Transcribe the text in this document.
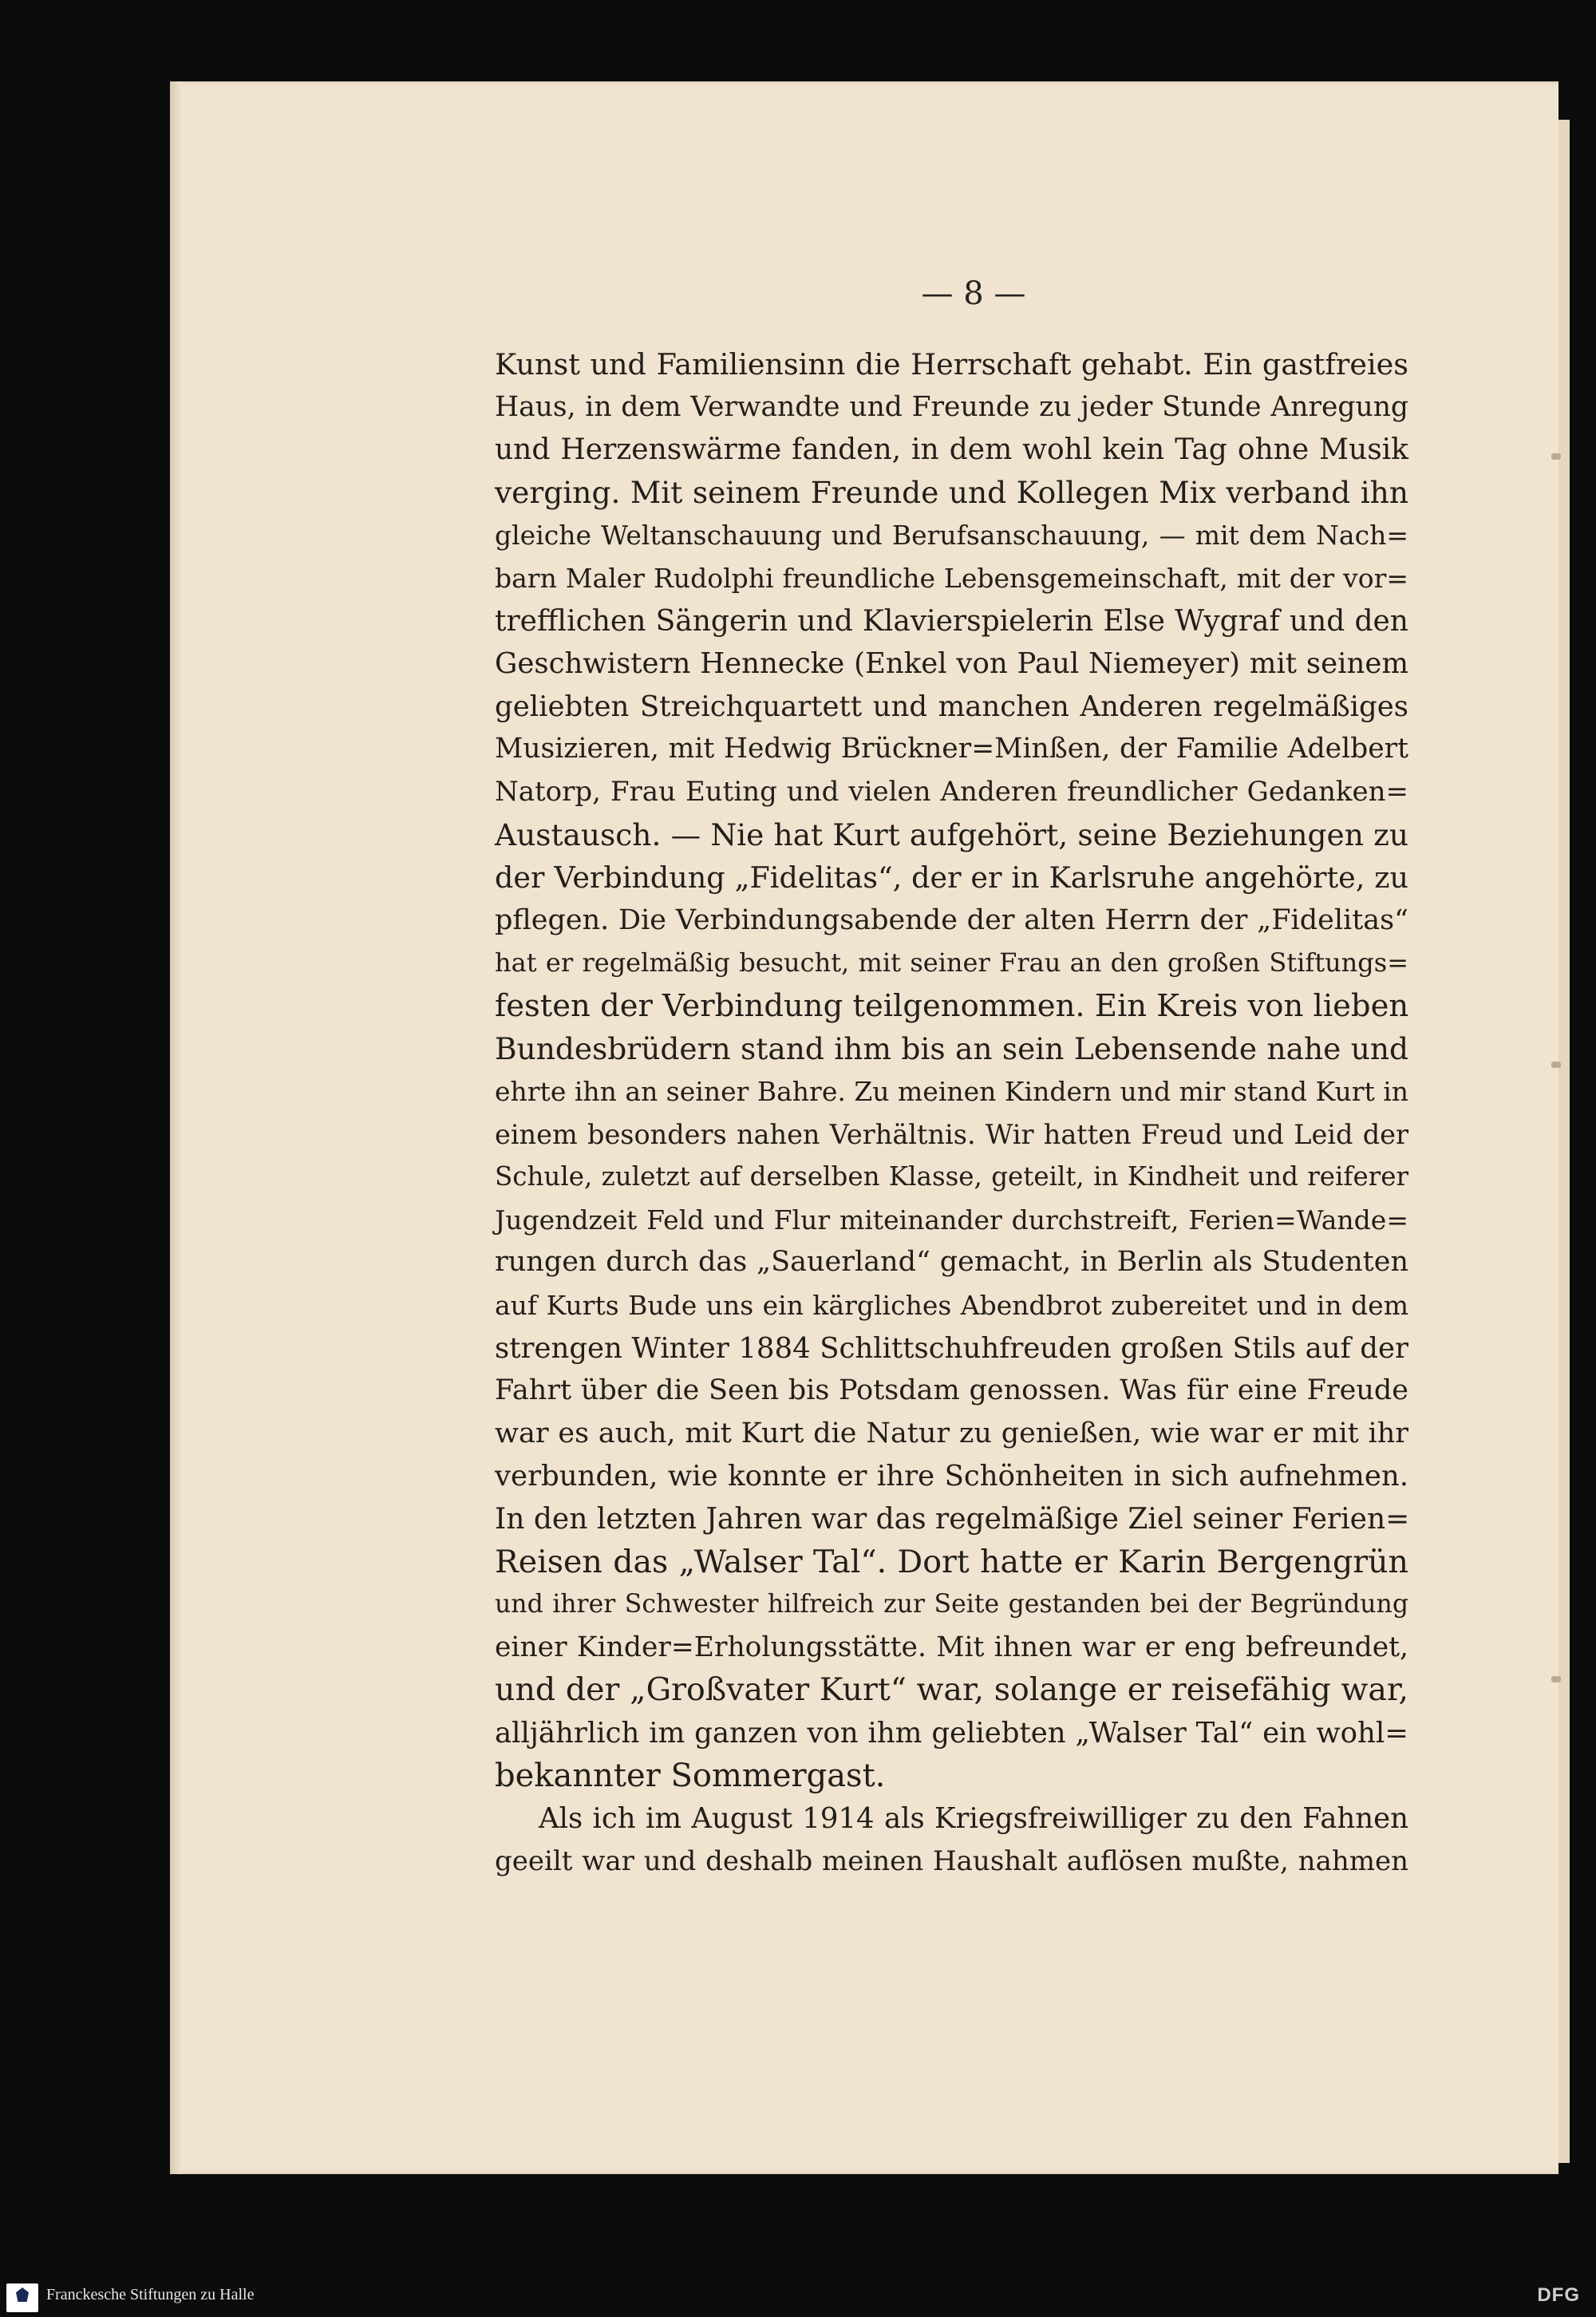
— 8 —
Kunst und Familiensinn die Herrschaft gehabt. Ein gastfreies
Haus, in dem Verwandte und Freunde zu jeder Stunde Anregung
und Herzenswärme fanden, in dem wohl kein Tag ohne Musik
verging. Mit seinem Freunde und Kollegen Mix verband ihn
gleiche Weltanschauung und Berufsanschauung, — mit dem Nach=
barn Maler Rudolphi freundliche Lebensgemeinschaft, mit der vor=
trefflichen Sängerin und Klavierspielerin Else Wygraf und den
Geschwistern Hennecke (Enkel von Paul Niemeyer) mit seinem
geliebten Streichquartett und manchen Anderen regelmäßiges
Musizieren, mit Hedwig Brückner=Minßen, der Familie Adelbert
Natorp, Frau Euting und vielen Anderen freundlicher Gedanken=
Austausch. — Nie hat Kurt aufgehört, seine Beziehungen zu
der Verbindung „Fidelitas“, der er in Karlsruhe angehörte, zu
pflegen. Die Verbindungsabende der alten Herrn der „Fidelitas“
hat er regelmäßig besucht, mit seiner Frau an den großen Stiftungs=
festen der Verbindung teilgenommen. Ein Kreis von lieben
Bundesbrüdern stand ihm bis an sein Lebensende nahe und
ehrte ihn an seiner Bahre. Zu meinen Kindern und mir stand Kurt in
einem besonders nahen Verhältnis. Wir hatten Freud und Leid der
Schule, zuletzt auf derselben Klasse, geteilt, in Kindheit und reiferer
Jugendzeit Feld und Flur miteinander durchstreift, Ferien=Wande=
rungen durch das „Sauerland“ gemacht, in Berlin als Studenten
auf Kurts Bude uns ein kärgliches Abendbrot zubereitet und in dem
strengen Winter 1884 Schlittschuhfreuden großen Stils auf der
Fahrt über die Seen bis Potsdam genossen. Was für eine Freude
war es auch, mit Kurt die Natur zu genießen, wie war er mit ihr
verbunden, wie konnte er ihre Schönheiten in sich aufnehmen.
In den letzten Jahren war das regelmäßige Ziel seiner Ferien=
Reisen das „Walser Tal“. Dort hatte er Karin Bergengrün
und ihrer Schwester hilfreich zur Seite gestanden bei der Begründung
einer Kinder=Erholungsstätte. Mit ihnen war er eng befreundet,
und der „Großvater Kurt“ war, solange er reisefähig war,
alljährlich im ganzen von ihm geliebten „Walser Tal“ ein wohl=
bekannter Sommergast.
Als ich im August 1914 als Kriegsfreiwilliger zu den Fahnen
geeilt war und deshalb meinen Haushalt auflösen mußte, nahmen
Franckesche Stiftungen zu Halle	DFG
